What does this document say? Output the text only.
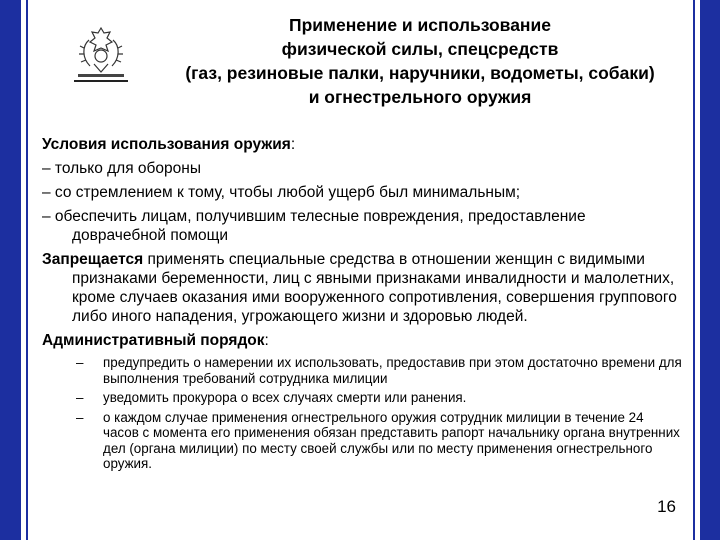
Применение и использование
физической силы, спецсредств
(газ, резиновые палки, наручники, водометы, собаки)
и огнестрельного оружия
Условия использования оружия:
– только для обороны
– со стремлением к тому, чтобы любой ущерб был минимальным;
– обеспечить лицам, получившим телесные повреждения, предоставление доврачебной помощи
Запрещается применять специальные средства в отношении женщин с видимыми признаками беременности, лиц с явными признаками инвалидности и малолетних, кроме случаев оказания ими вооруженного сопротивления, совершения группового либо иного нападения, угрожающего жизни и здоровью людей.
Административный порядок:
– предупредить о намерении их использовать, предоставив при этом достаточно времени для выполнения требований сотрудника милиции
– уведомить прокурора о всех случаях смерти или ранения.
– о каждом случае применения огнестрельного оружия сотрудник милиции в течение 24 часов с момента его применения обязан представить рапорт начальнику органа внутренних дел (органа милиции) по месту своей службы или по месту применения огнестрельного оружия.
16
